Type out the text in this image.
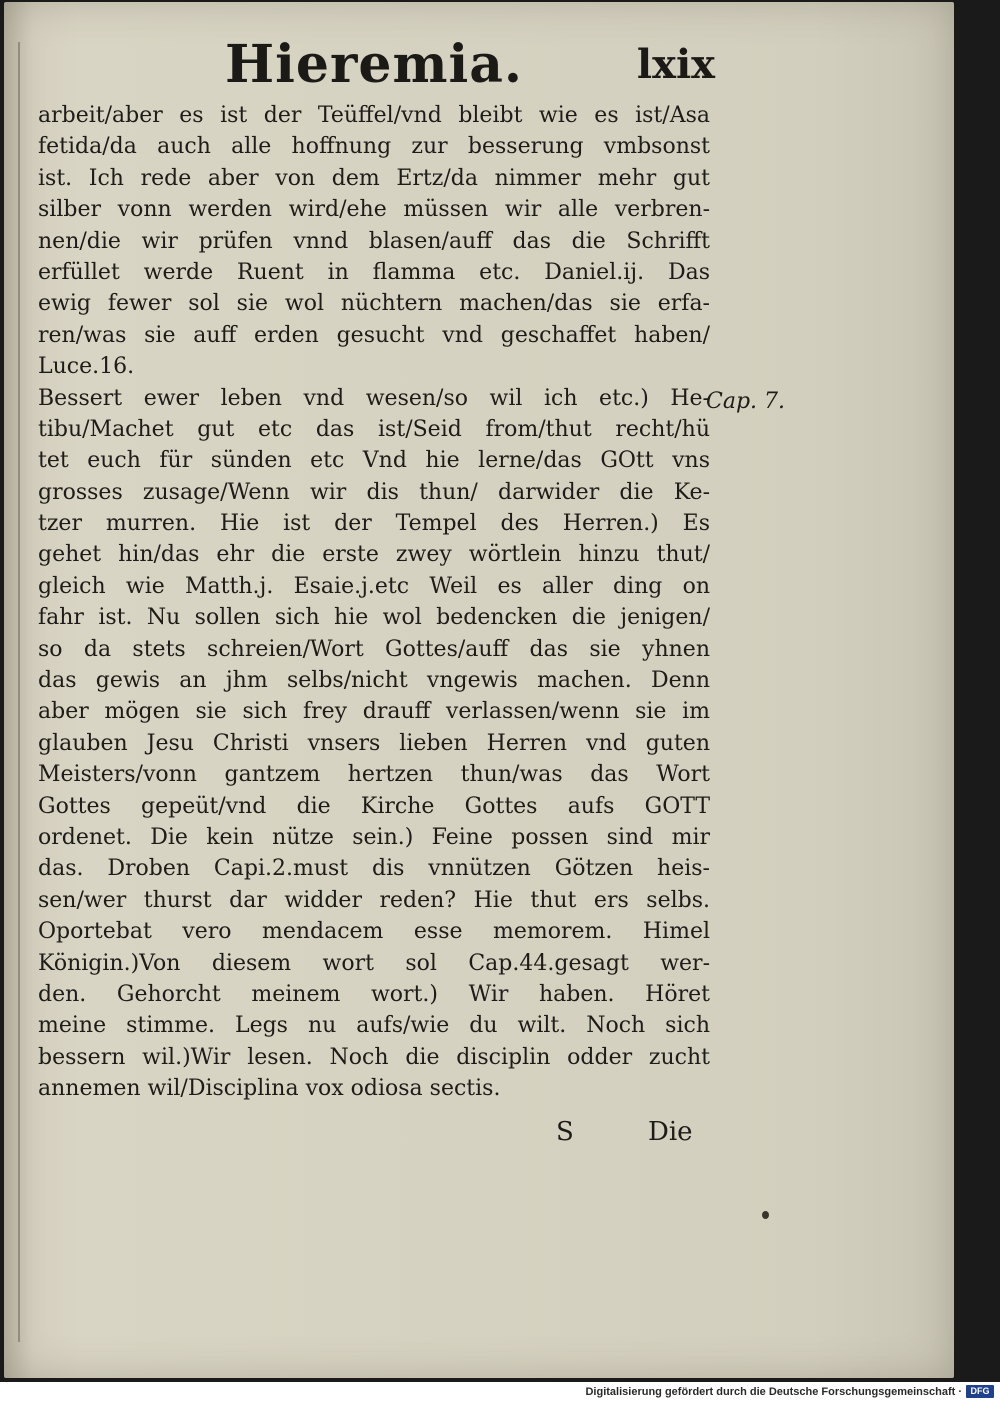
Hieremia.	lxix
arbeit/aber es ist der Teüffel/vnd bleibt wie es ist/Asa
fetida/da auch alle hoffnung zur besserung vmbsonst
ist. Ich rede aber von dem Ertz/da nimmer mehr gut
silber vonn werden wird/ehe müssen wir alle verbren-
nen/die wir prüfen vnnd blasen/auff das die Schrifft
erfüllet werde Ruent in flamma etc. Daniel.ij. Das
ewig fewer sol sie wol nüchtern machen/das sie erfa-
ren/was sie auff erden gesucht vnd geschaffet haben/
Luce.16.
Bessert ewer leben vnd wesen/so wil ich etc.) He-
tibu/Machet gut etc das ist/Seid from/thut recht/hü
tet euch für sünden etc Vnd hie lerne/das GOtt vns
grosses zusage/Wenn wir dis thun/ darwider die Ke-
tzer murren. Hie ist der Tempel des Herren.) Es
gehet hin/das ehr die erste zwey wörtlein hinzu thut/
gleich wie Matth.j. Esaie.j.etc Weil es aller ding on
fahr ist. Nu sollen sich hie wol bedencken die jenigen/
so da stets schreien/Wort Gottes/auff das sie yhnen
das gewis an jhm selbs/nicht vngewis machen. Denn
aber mögen sie sich frey drauff verlassen/wenn sie im
glauben Jesu Christi vnsers lieben Herren vnd guten
Meisters/vonn gantzem hertzen thun/was das Wort
Gottes gepeüt/vnd die Kirche Gottes aufs GOTT
ordenet. Die kein nütze sein.) Feine possen sind mir
das. Droben Capi.2.must dis vnnützen Götzen heis-
sen/wer thurst dar widder reden? Hie thut ers selbs.
Oportebat vero mendacem esse memorem. Himel
Königin.)Von diesem wort sol Cap.44.gesagt wer-
den. Gehorcht meinem wort.) Wir haben. Höret
meine stimme. Legs nu aufs/wie du wilt. Noch sich
bessern wil.)Wir lesen. Noch die disciplin odder zucht
annemen wil/Disciplina vox odiosa sectis.
Cap. 7.
S	Die
Digitalisierung gefördert durch die Deutsche Forschungsgemeinschaft · DFG
